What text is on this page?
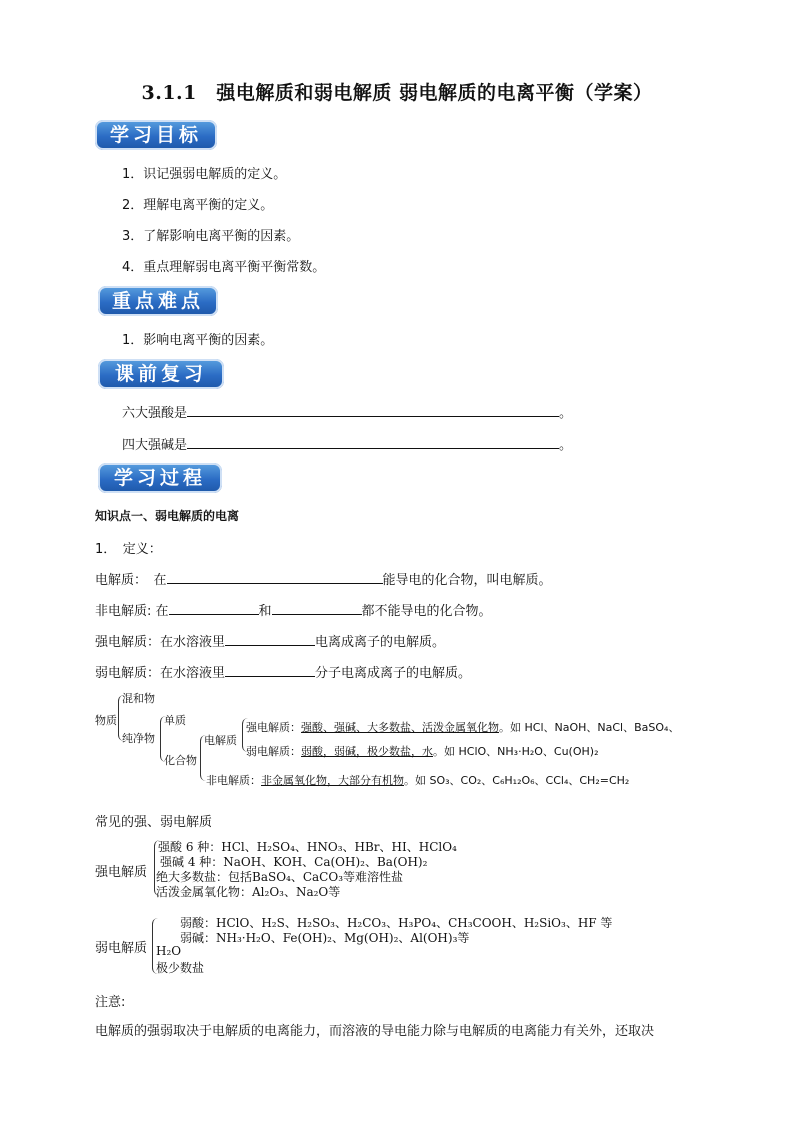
3.1.1　强电解质和弱电解质 弱电解质的电离平衡（学案）
学习目标
1．识记强弱电解质的定义。
2．理解电离平衡的定义。
3．了解影响电离平衡的因素。
4．重点理解弱电离平衡平衡常数。
重点难点
1．影响电离平衡的因素。
课前复习
六大强酸是	。
四大强碱是	。
学习过程
知识点一、弱电解质的电离
1．　定义：
电解质：　在	能导电的化合物，叫电解质。
非电解质: 在	和	都不能导电的化合物。
强电解质：在水溶液里	电离成离子的电解质。
弱电解质：在水溶液里	分子电离成离子的电解质。
物质
混和物
纯净物
单质
化合物
电解质
强电解质：强酸、强碱、大多数盐、活泼金属氧化物。如 HCl、NaOH、NaCl、BaSO₄、
弱电解质：弱酸，弱碱，极少数盐，水。如 HClO、NH₃·H₂O、Cu(OH)₂
非电解质：非金属氧化物，大部分有机物。如 SO₃、CO₂、C₆H₁₂O₆、CCl₄、CH₂=CH₂
常见的强、弱电解质
强电解质
强酸 6 种：HCl、H₂SO₄、HNO₃、HBr、HI、HClO₄
强碱 4 种：NaOH、KOH、Ca(OH)₂、Ba(OH)₂
绝大多数盐：包括BaSO₄、CaCO₃等难溶性盐
活泼金属氧化物：Al₂O₃、Na₂O等
弱电解质
弱酸：HClO、H₂S、H₂SO₃、H₂CO₃、H₃PO₄、CH₃COOH、H₂SiO₃、HF 等
弱碱：NH₃·H₂O、Fe(OH)₂、Mg(OH)₂、Al(OH)₃等
H₂O
极少数盐
注意:
电解质的强弱取决于电解质的电离能力，而溶液的导电能力除与电解质的电离能力有关外，还取决
